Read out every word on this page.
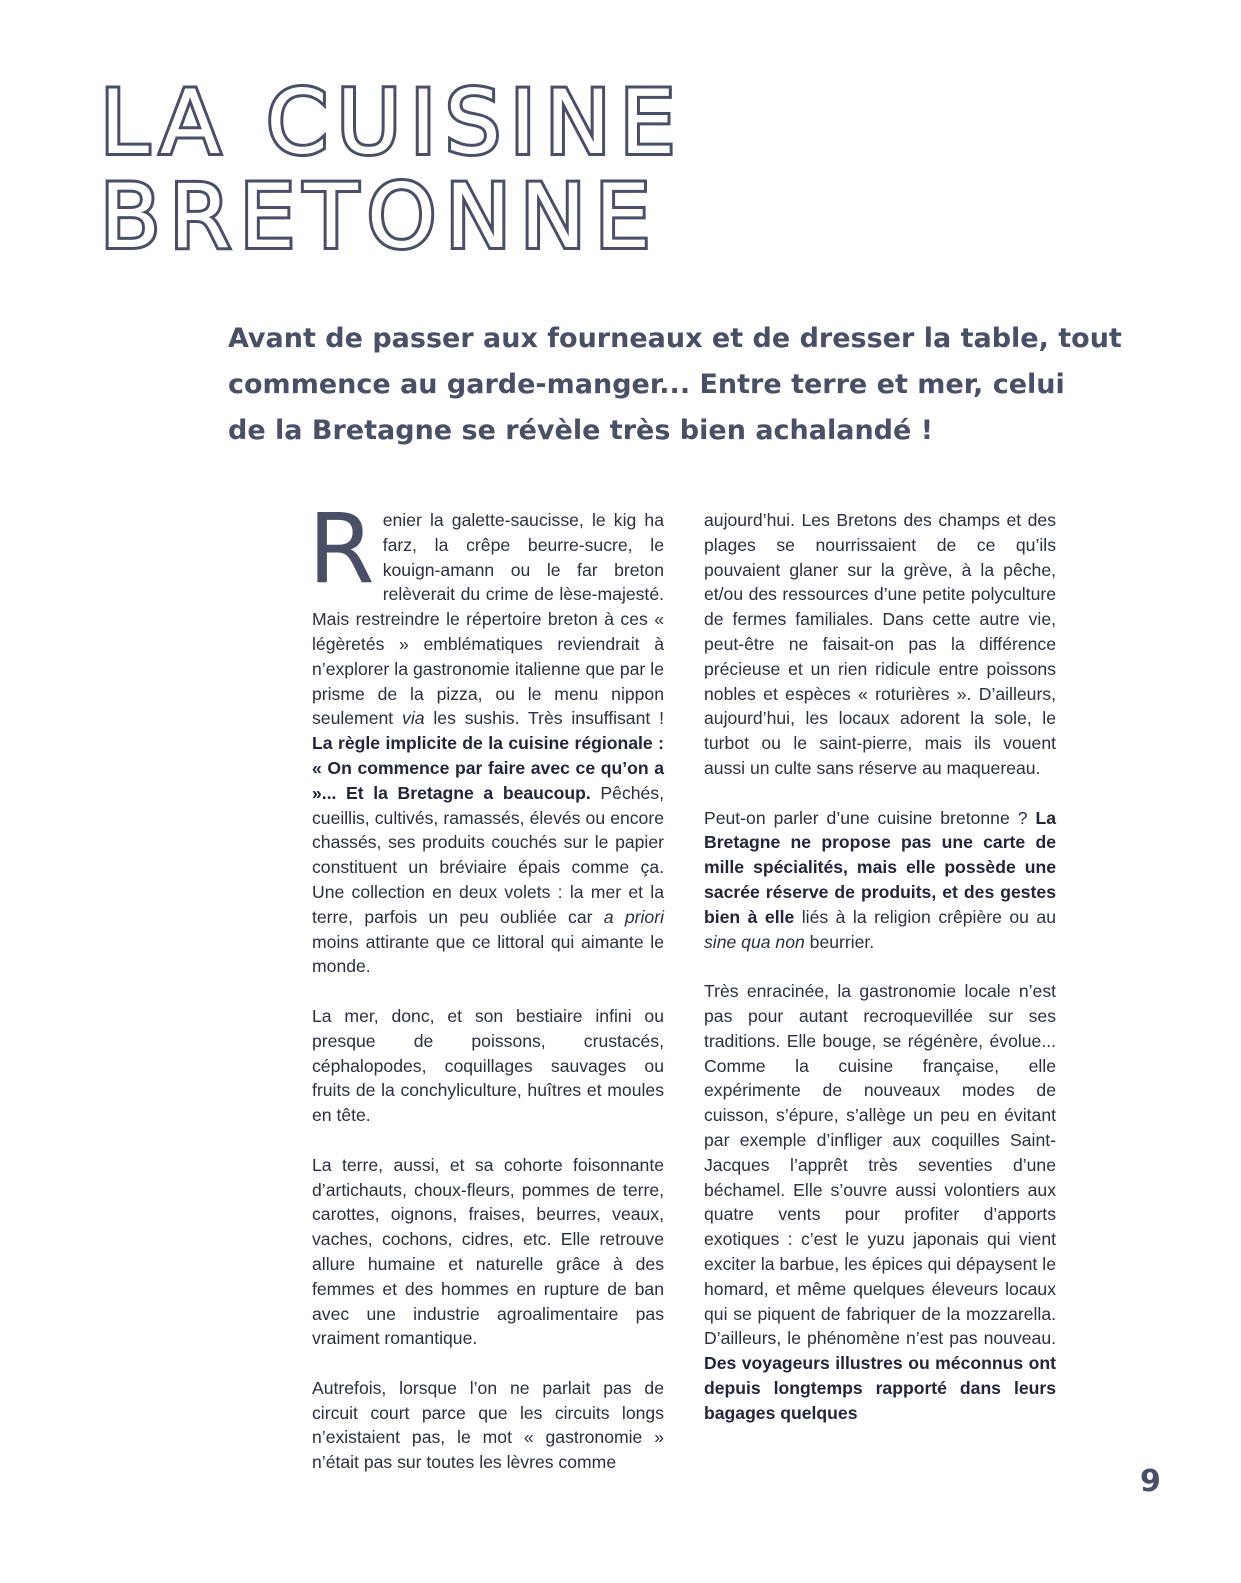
LA CUISINE
BRETONNE

Avant de passer aux fourneaux et de dresser la table, tout
commence au garde-manger... Entre terre et mer, celui
de la Bretagne se révèle très bien achalandé !

Renier la galette-saucisse, le kig ha farz, la crêpe beurre-sucre, le kouign-amann ou le far breton relèverait du crime de lèse-majesté. Mais restreindre le répertoire breton à ces « légèretés » emblématiques reviendrait à n’explorer la gastronomie italienne que par le prisme de la pizza, ou le menu nippon seulement via les sushis. Très insuffisant ! La règle implicite de la cuisine régionale : « On commence par faire avec ce qu’on a »... Et la Bretagne a beaucoup. Pêchés, cueillis, cultivés, ramassés, élevés ou encore chassés, ses produits couchés sur le papier constituent un bréviaire épais comme ça. Une collection en deux volets : la mer et la terre, parfois un peu oubliée car a priori moins attirante que ce littoral qui aimante le monde.

La mer, donc, et son bestiaire infini ou presque de poissons, crustacés, céphalopodes, coquillages sauvages ou fruits de la conchyliculture, huîtres et moules en tête.

La terre, aussi, et sa cohorte foisonnante d’artichauts, choux-fleurs, pommes de terre, carottes, oignons, fraises, beurres, veaux, vaches, cochons, cidres, etc. Elle retrouve allure humaine et naturelle grâce à des femmes et des hommes en rupture de ban avec une industrie agroalimentaire pas vraiment romantique.

Autrefois, lorsque l’on ne parlait pas de circuit court parce que les circuits longs n’existaient pas, le mot « gastronomie » n’était pas sur toutes les lèvres comme

aujourd’hui. Les Bretons des champs et des plages se nourrissaient de ce qu’ils pouvaient glaner sur la grève, à la pêche, et/ou des ressources d’une petite polyculture de fermes familiales. Dans cette autre vie, peut-être ne faisait-on pas la différence précieuse et un rien ridicule entre poissons nobles et espèces « roturières ». D’ailleurs, aujourd’hui, les locaux adorent la sole, le turbot ou le saint-pierre, mais ils vouent aussi un culte sans réserve au maquereau.

Peut-on parler d’une cuisine bretonne ? La Bretagne ne propose pas une carte de mille spécialités, mais elle possède une sacrée réserve de produits, et des gestes bien à elle liés à la religion crêpière ou au sine qua non beurrier.

Très enracinée, la gastronomie locale n’est pas pour autant recroquevillée sur ses traditions. Elle bouge, se régénère, évolue... Comme la cuisine française, elle expérimente de nouveaux modes de cuisson, s’épure, s’allège un peu en évitant par exemple d’infliger aux coquilles Saint-Jacques l’apprêt très seventies d’une béchamel. Elle s’ouvre aussi volontiers aux quatre vents pour profiter d’apports exotiques : c’est le yuzu japonais qui vient exciter la barbue, les épices qui dépaysent le homard, et même quelques éleveurs locaux qui se piquent de fabriquer de la mozzarella. D’ailleurs, le phénomène n’est pas nouveau. Des voyageurs illustres ou méconnus ont depuis longtemps rapporté dans leurs bagages quelques

9
